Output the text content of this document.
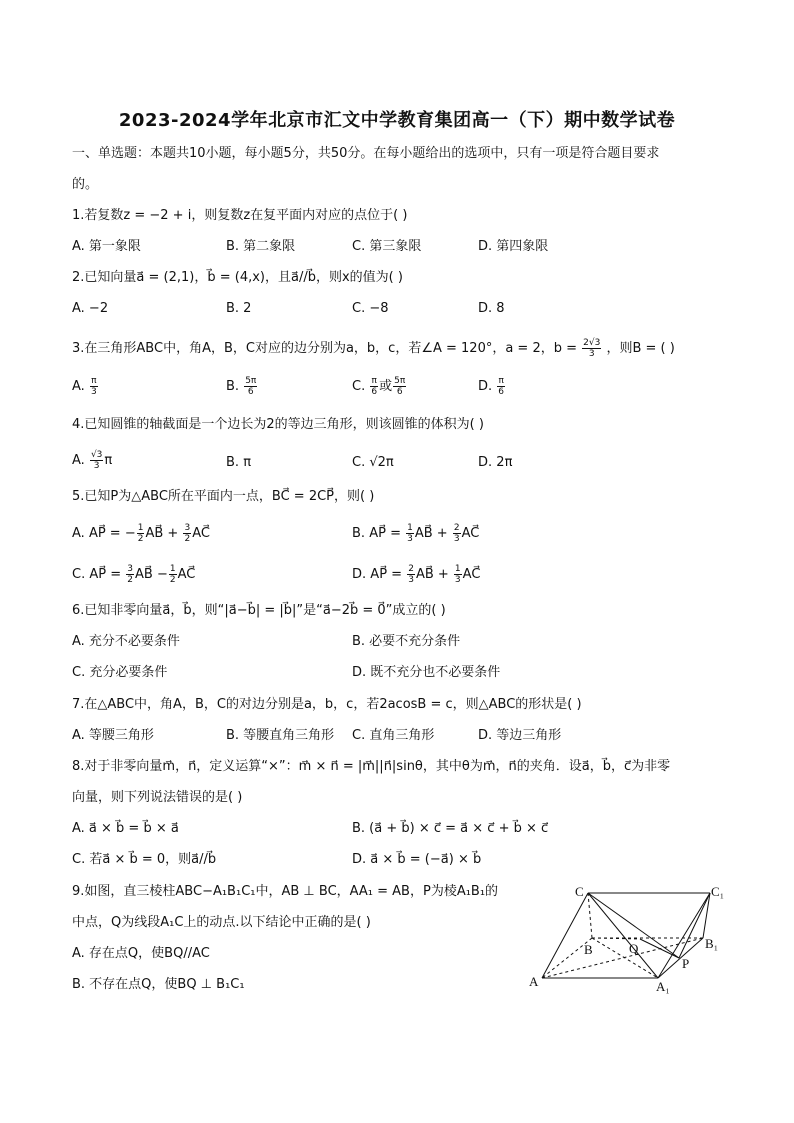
2023-2024学年北京市汇文中学教育集团高一（下）期中数学试卷
一、单选题：本题共10小题，每小题5分，共50分。在每小题给出的选项中，只有一项是符合题目要求
的。
1.若复数z = −2 + i，则复数z在复平面内对应的点位于( )
A. 第一象限	B. 第二象限	C. 第三象限	D. 第四象限
2.已知向量a⃗ = (2,1)，b⃗ = (4,x)，且a⃗//b⃗，则x的值为( )
A. −2	B. 2	C. −8	D. 8
3.在三角形ABC中，角A，B，C对应的边分别为a，b，c，若∠A = 120°，a = 2，$b = \frac{2√3}{3}$ ，则B = ( )
A. $\frac{\pi}{3}$	B. $\frac{5\pi}{6}$	C. $\frac{\pi}{6}$ 或 $\frac{5\pi}{6}$	D. $\frac{\pi}{6}$
4.已知圆锥的轴截面是一个边长为2的等边三角形，则该圆锥的体积为( )
A. $\frac{√3}{3}$ π	B. π	C. √2π	D. 2π
5.已知P为△ABC所在平面内一点，BC⃗ = 2CP⃗，则( )
A. AP⃗ = − $\frac{1}{2}$ AB⃗ + $\frac{3}{2}$ AC⃗	B. AP⃗ = $\frac{1}{3}$ AB⃗ + $\frac{2}{3}$ AC⃗
C. AP⃗ = $\frac{3}{2}$ AB⃗ − $\frac{1}{2}$ AC⃗	D. AP⃗ = $\frac{2}{3}$ AB⃗ + $\frac{1}{3}$ AC⃗
6.已知非零向量a⃗，b⃗，则“|a⃗−b⃗| = |b⃗|”是“a⃗−2b⃗ = 0⃗”成立的( )
A. 充分不必要条件	B. 必要不充分条件
C. 充分必要条件	D. 既不充分也不必要条件
7.在△ABC中，角A，B，C的对边分别是a，b，c，若2acosB = c，则△ABC的形状是( )
A. 等腰三角形	B. 等腰直角三角形 C. 直角三角形	D. 等边三角形
8.对于非零向量m⃗，n⃗，定义运算“×”：m⃗ × n⃗ = |m⃗||n⃗|sinθ，其中θ为m⃗，n⃗的夹角．设a⃗，b⃗，c⃗为非零
向量，则下列说法错误的是( )
A. a⃗ × b⃗ = b⃗ × a⃗	B. (a⃗ + b⃗) × c⃗ = a⃗ × c⃗ + b⃗ × c⃗
C. 若a⃗ × b⃗ = 0，则a⃗//b⃗	D. a⃗ × b⃗ = (−a⃗) × b⃗
9.如图，直三棱柱ABC−A₁B₁C₁中，AB ⊥ BC，AA₁ = AB，P为棱A₁B₁的
中点，Q为线段A₁C上的动点.以下结论中正确的是( )
A. 存在点Q，使BQ//AC
B. 不存在点Q，使BQ ⊥ B₁C₁
C	C₁
B	Q	B₁
P
A	A₁
